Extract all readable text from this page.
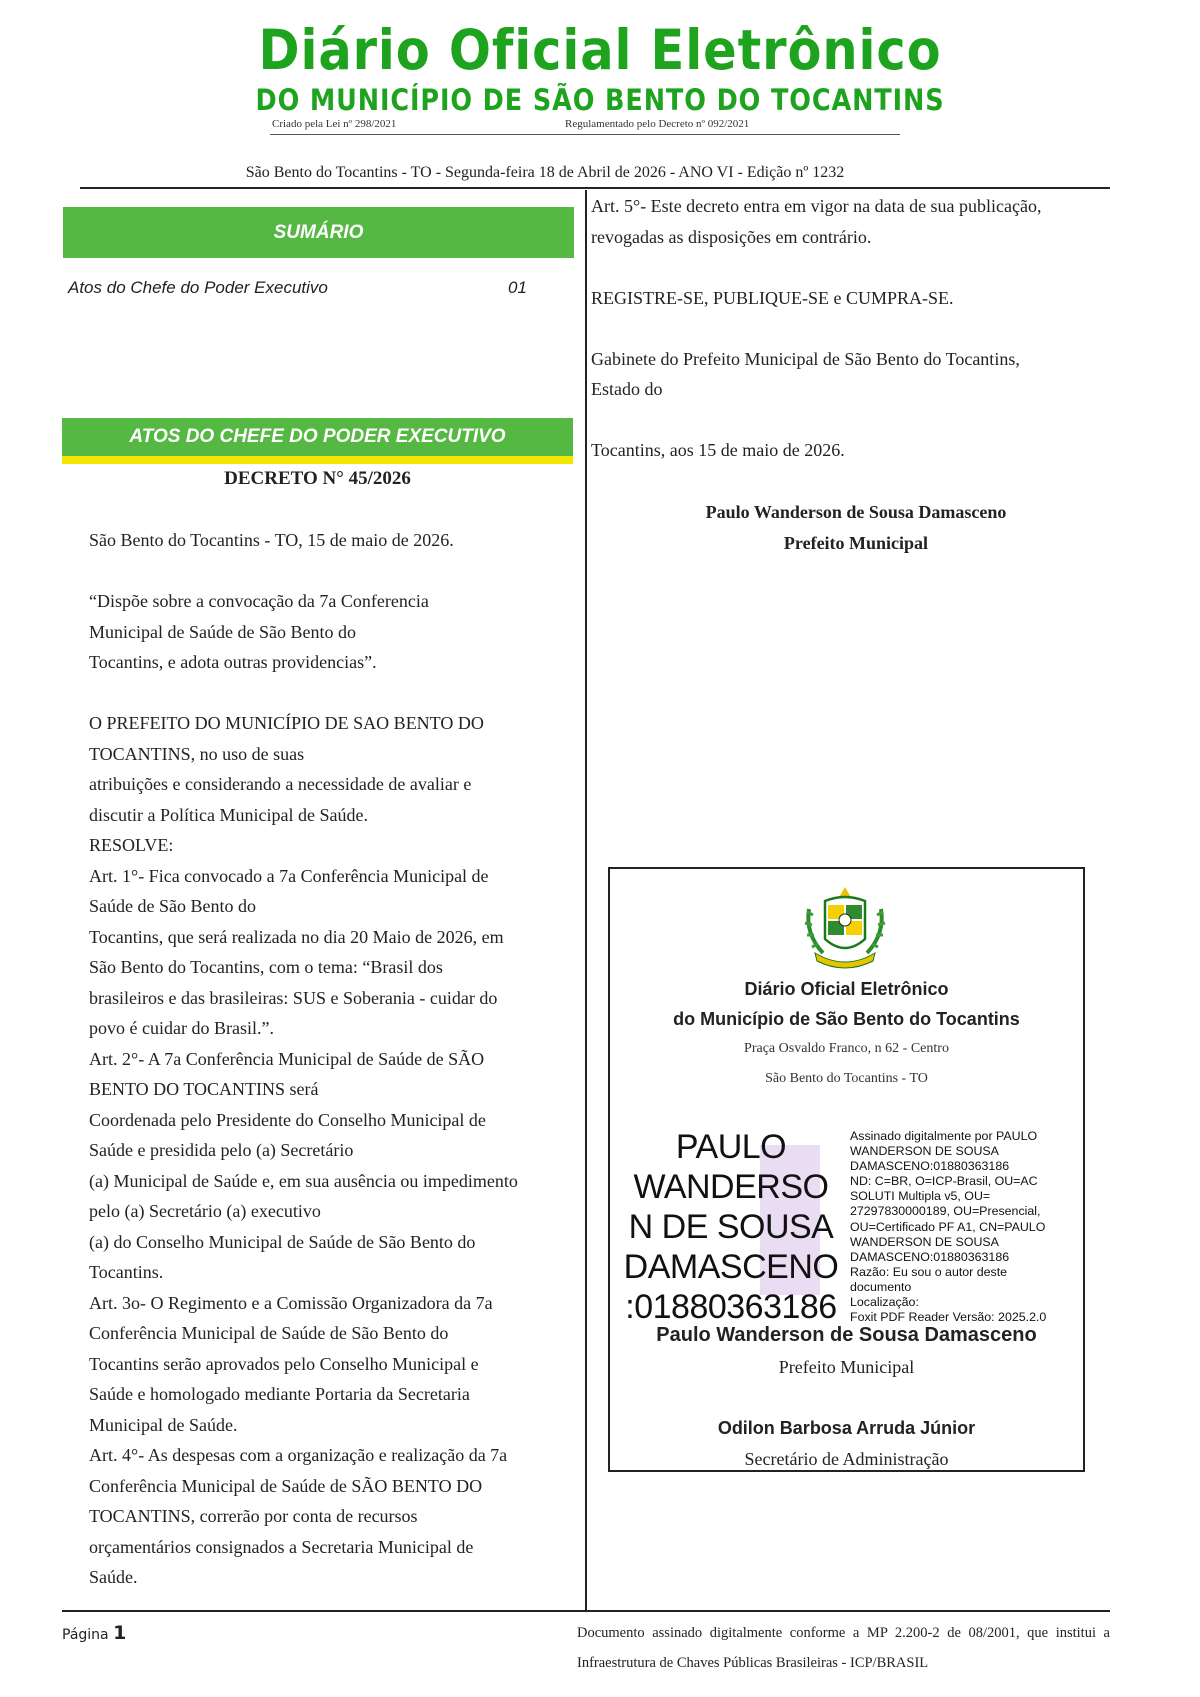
Diário Oficial Eletrônico
DO MUNICÍPIO DE SÃO BENTO DO TOCANTINS
Criado pela Lei nº 298/2021	Regulamentado pelo Decreto nº 092/2021
São Bento do Tocantins - TO - Segunda-feira 18 de Abril de 2026 - ANO VI - Edição nº 1232
SUMÁRIO
Atos do Chefe do Poder Executivo	01
ATOS DO CHEFE DO PODER EXECUTIVO
DECRETO N° 45/2026

São Bento do Tocantins - TO, 15 de maio de 2026.

“Dispõe sobre a convocação da 7a Conferencia

Municipal de Saúde de São Bento do

Tocantins, e adota outras providencias”.

O PREFEITO DO MUNICÍPIO DE SAO BENTO DO

TOCANTINS, no uso de suas

atribuições e considerando a necessidade de avaliar e

discutir a Política Municipal de Saúde.

RESOLVE:

Art. 1°- Fica convocado a 7a Conferência Municipal de

Saúde de São Bento do

Tocantins, que será realizada no dia 20 Maio de 2026, em

São Bento do Tocantins, com o tema: “Brasil dos

brasileiros e das brasileiras: SUS e Soberania - cuidar do

povo é cuidar do Brasil.”.

Art. 2°- A 7a Conferência Municipal de Saúde de SÃO

BENTO DO TOCANTINS será

Coordenada pelo Presidente do Conselho Municipal de

Saúde e presidida pelo (a) Secretário

(a) Municipal de Saúde e, em sua ausência ou impedimento

pelo (a) Secretário (a) executivo

(a) do Conselho Municipal de Saúde de São Bento do

Tocantins.

Art. 3o- O Regimento e a Comissão Organizadora da 7a

Conferência Municipal de Saúde de São Bento do

Tocantins serão aprovados pelo Conselho Municipal e

Saúde e homologado mediante Portaria da Secretaria

Municipal de Saúde.

Art. 4°- As despesas com a organização e realização da 7a

Conferência Municipal de Saúde de SÃO BENTO DO

TOCANTINS, correrão por conta de recursos

orçamentários consignados a Secretaria Municipal de

Saúde.

Art. 5°- Este decreto entra em vigor na data de sua publicação,

revogadas as disposições em contrário.

REGISTRE-SE, PUBLIQUE-SE e CUMPRA-SE.

Gabinete do Prefeito Municipal de São Bento do Tocantins,

Estado do

Tocantins, aos 15 de maio de 2026.

Paulo Wanderson de Sousa Damasceno
Prefeito Municipal
Diário Oficial Eletrônico
do Município de São Bento do Tocantins
Praça Osvaldo Franco, n 62 - Centro
São Bento do Tocantins - TO
PAULO
WANDERSO
N DE SOUSA
DAMASCENO
:01880363186
Assinado digitalmente por PAULO
WANDERSON DE SOUSA
DAMASCENO:01880363186
ND: C=BR, O=ICP-Brasil, OU=AC
SOLUTI Multipla v5, OU=
27297830000189, OU=Presencial,
OU=Certificado PF A1, CN=PAULO
WANDERSON DE SOUSA
DAMASCENO:01880363186
Razão: Eu sou o autor deste
documento
Localização:
Foxit PDF Reader Versão: 2025.2.0
Paulo Wanderson de Sousa Damasceno
Prefeito Municipal
Odilon Barbosa Arruda Júnior
Secretário de Administração
Página 1	Documento assinado digitalmente conforme a MP 2.200-2 de 08/2001, que institui a Infraestrutura de Chaves Públicas Brasileiras - ICP/BRASIL
